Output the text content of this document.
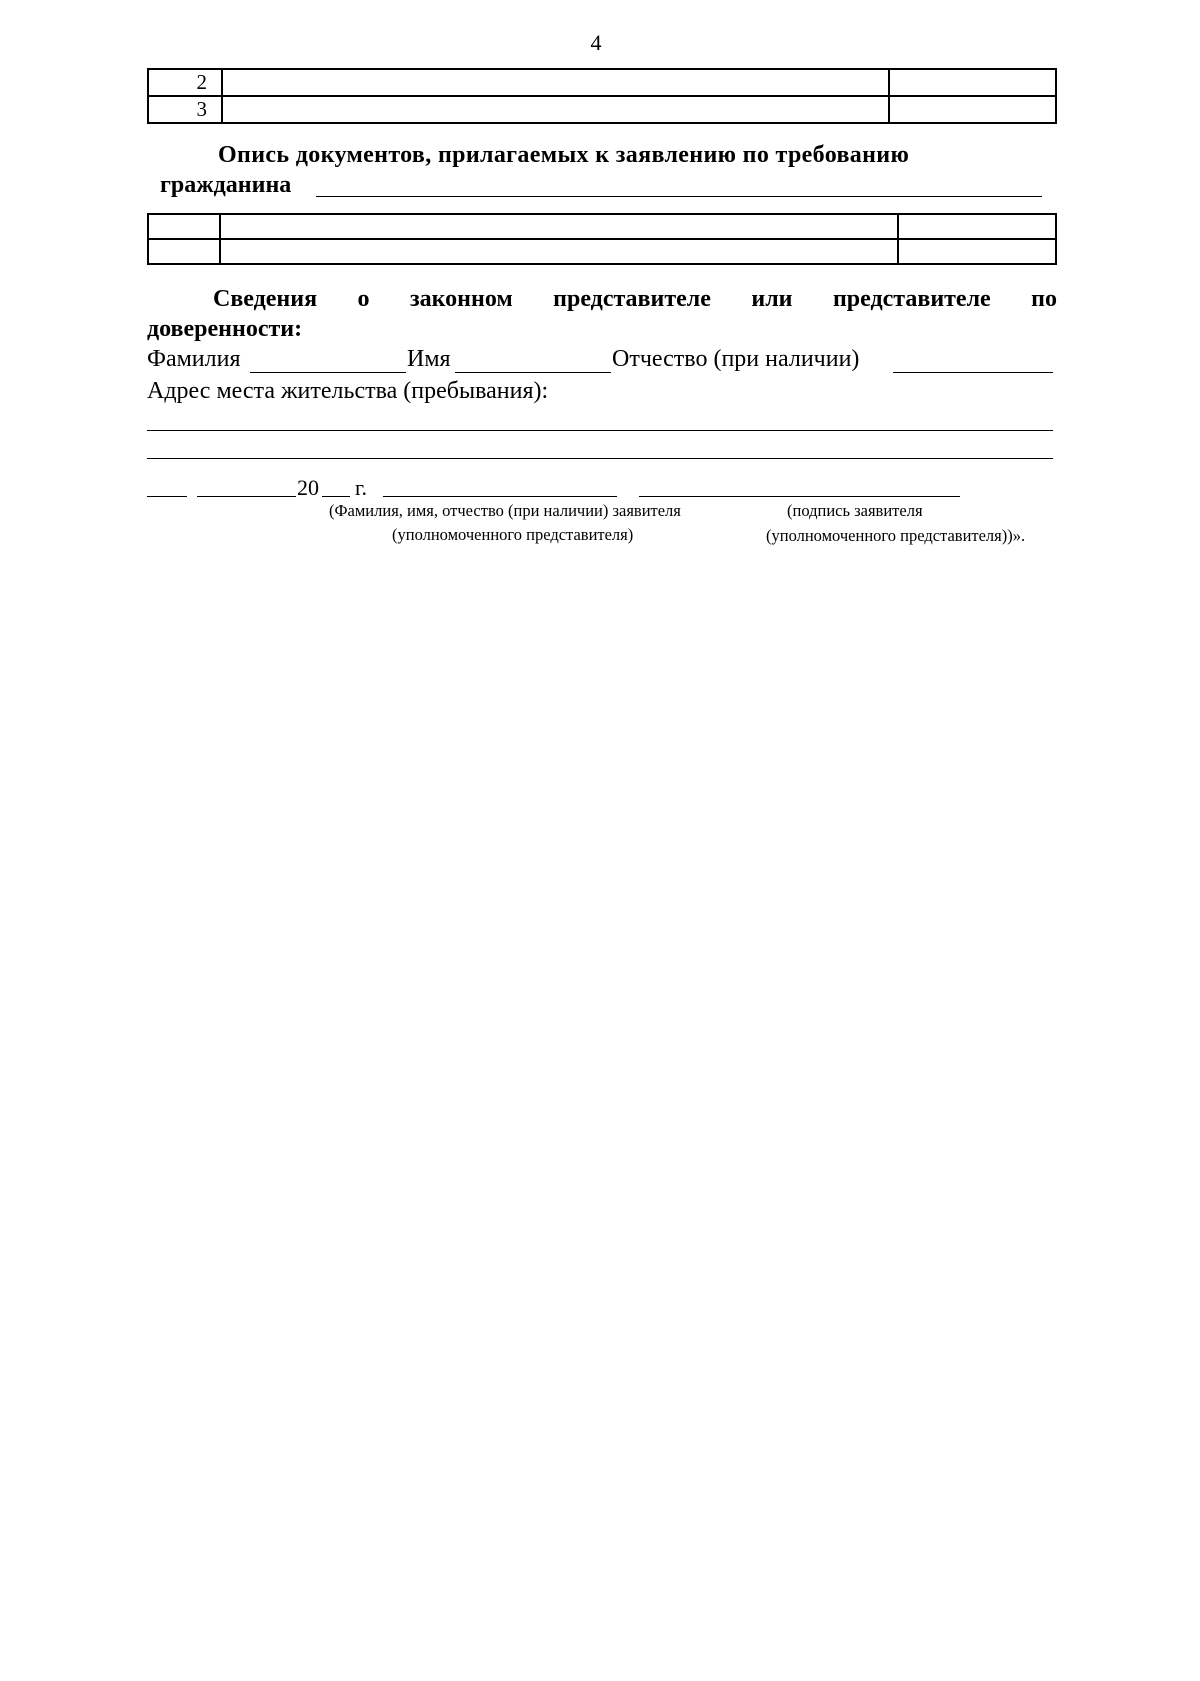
4
2		
3		
Опись документов, прилагаемых к заявлению по требованию
гражданина

Сведения о законном представителе или представителе по
доверенности:
Фамилия	Имя	Отчество (при наличии)
Адрес места жительства (пребывания):
20 г.
(Фамилия, имя, отчество (при наличии) заявителя
(уполномоченного представителя)
(подпись заявителя
(уполномоченного представителя))».
